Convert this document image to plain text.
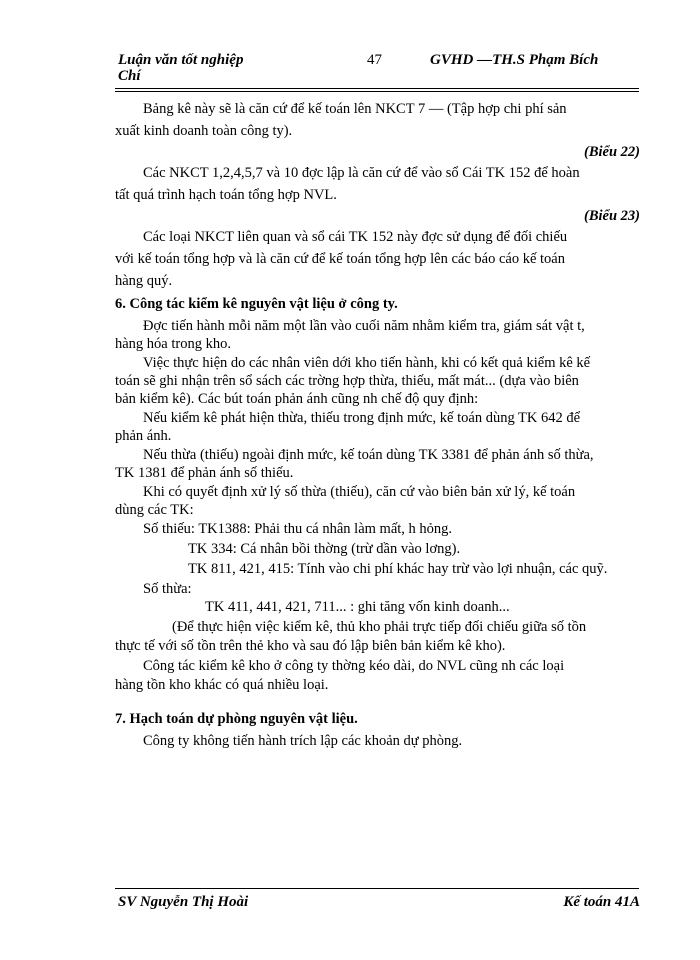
Luận văn tốt nghiệp
Chí
47	GVHD —TH.S Phạm Bích
Bảng kê này sẽ là căn cứ để kế toán lên NKCT 7 — (Tập hợp chi phí sản
xuất kinh doanh toàn công ty).
(Biểu 22)
Các NKCT 1,2,4,5,7 và 10 đợc lập là căn cứ để vào sổ Cái TK 152 để hoàn
tất quá trình hạch toán tổng hợp NVL.
(Biểu 23)
Các loại NKCT liên quan và sổ cái TK 152 này đợc sử dụng để đối chiếu
với kế toán tổng hợp và là căn cứ để kế toán tổng hợp lên các báo cáo kế toán
hàng quý.
6. Công tác kiểm kê nguyên vật liệu ở công ty.
Đợc tiến hành mỗi năm một lần vào cuối năm nhằm kiểm tra, giám sát vật t,
hàng hóa trong kho.
Việc thực hiện do các nhân viên dới kho tiến hành, khi có kết quả kiểm kê kế
toán sẽ ghi nhận trên sổ sách các trờng hợp thừa, thiếu, mất mát... (dựa vào biên
bản kiểm kê). Các bút toán phản ánh cũng nh chế độ quy định:
Nếu kiểm kê phát hiện thừa, thiếu trong định mức, kế toán dùng TK 642 để
phản ánh.
Nếu thừa (thiếu) ngoài định mức, kế toán dùng TK 3381 để phản ánh số thừa,
TK 1381 để phản ánh số thiếu.
Khi có quyết định xử lý số thừa (thiếu), căn cứ vào biên bản xử lý, kế toán
dùng các TK:
Số thiếu: TK1388: Phải thu cá nhân làm mất, h hỏng.
TK 334: Cá nhân bồi thờng (trừ dần vào lơng).
TK 811, 421, 415: Tính vào chi phí khác hay trừ vào lợi nhuận, các quỹ.
Số thừa:
TK 411, 441, 421, 711... : ghi tăng vốn kinh doanh...
(Để thực hiện việc kiểm kê, thủ kho phải trực tiếp đối chiếu giữa số tồn
thực tế với số tồn trên thẻ kho và sau đó lập biên bản kiểm kê kho).
Công tác kiểm kê kho ở công ty thờng kéo dài, do NVL cũng nh các loại
hàng tồn kho khác có quá nhiều loại.
7. Hạch toán dự phòng nguyên vật liệu.
Công ty không tiến hành trích lập các khoản dự phòng.
SV Nguyễn Thị Hoài	Kế toán 41A
